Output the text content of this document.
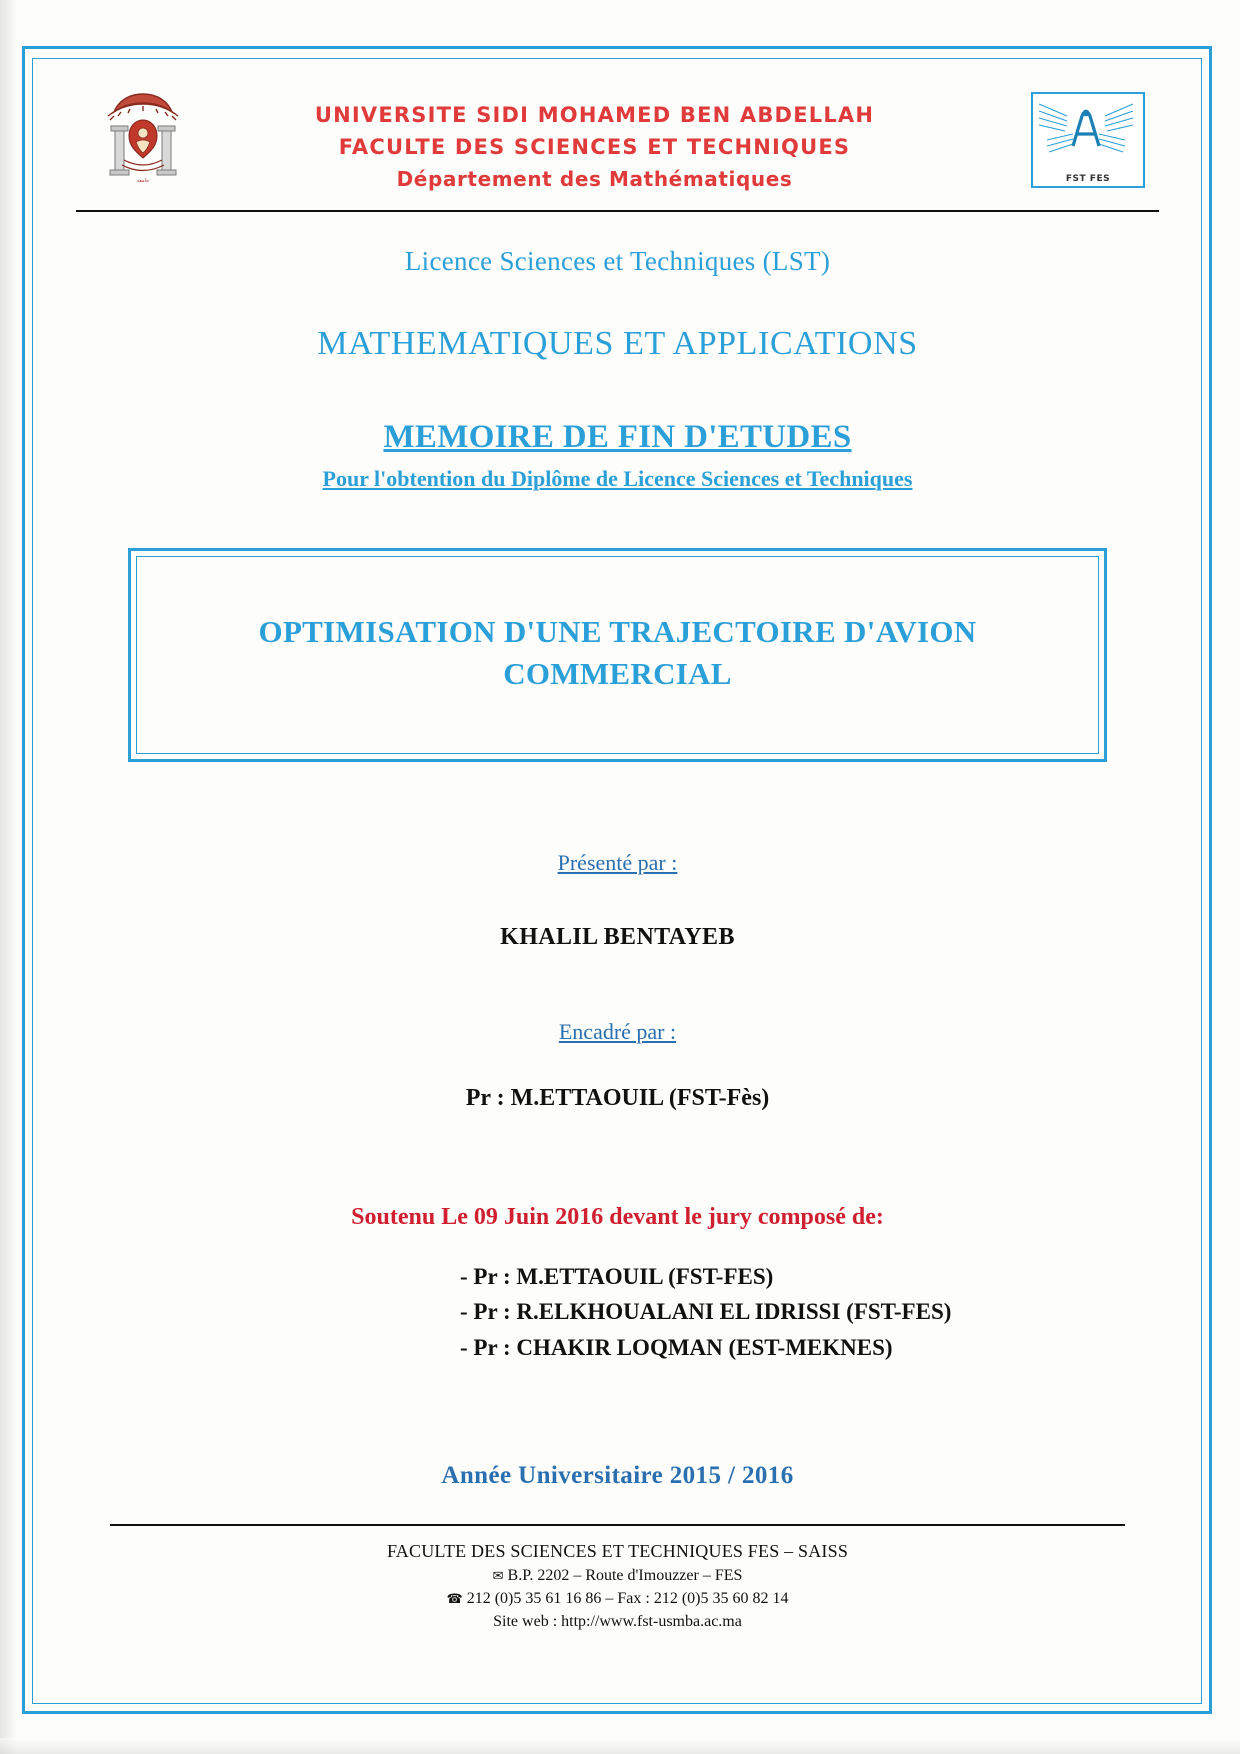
جامعة
UNIVERSITE SIDI MOHAMED BEN ABDELLAH
FACULTE DES SCIENCES ET TECHNIQUES
Département des Mathématiques	FST FES
Licence Sciences et Techniques (LST)
MATHEMATIQUES ET APPLICATIONS
MEMOIRE DE FIN D'ETUDES
Pour l'obtention du Diplôme de Licence Sciences et Techniques
OPTIMISATION D'UNE TRAJECTOIRE D'AVION
COMMERCIAL
Présenté par :
KHALIL BENTAYEB
Encadré par :
Pr : M.ETTAOUIL (FST-Fès)
Soutenu Le 09 Juin 2016 devant le jury composé de:
- Pr : M.ETTAOUIL (FST-FES)
- Pr : R.ELKHOUALANI EL IDRISSI (FST-FES)
- Pr : CHAKIR LOQMAN (EST-MEKNES)
Année Universitaire 2015 / 2016
FACULTE DES SCIENCES ET TECHNIQUES FES – SAISS
✉ B.P. 2202 – Route d'Imouzzer – FES
☎ 212 (0)5 35 61 16 86 – Fax : 212 (0)5 35 60 82 14
Site web : http://www.fst-usmba.ac.ma
